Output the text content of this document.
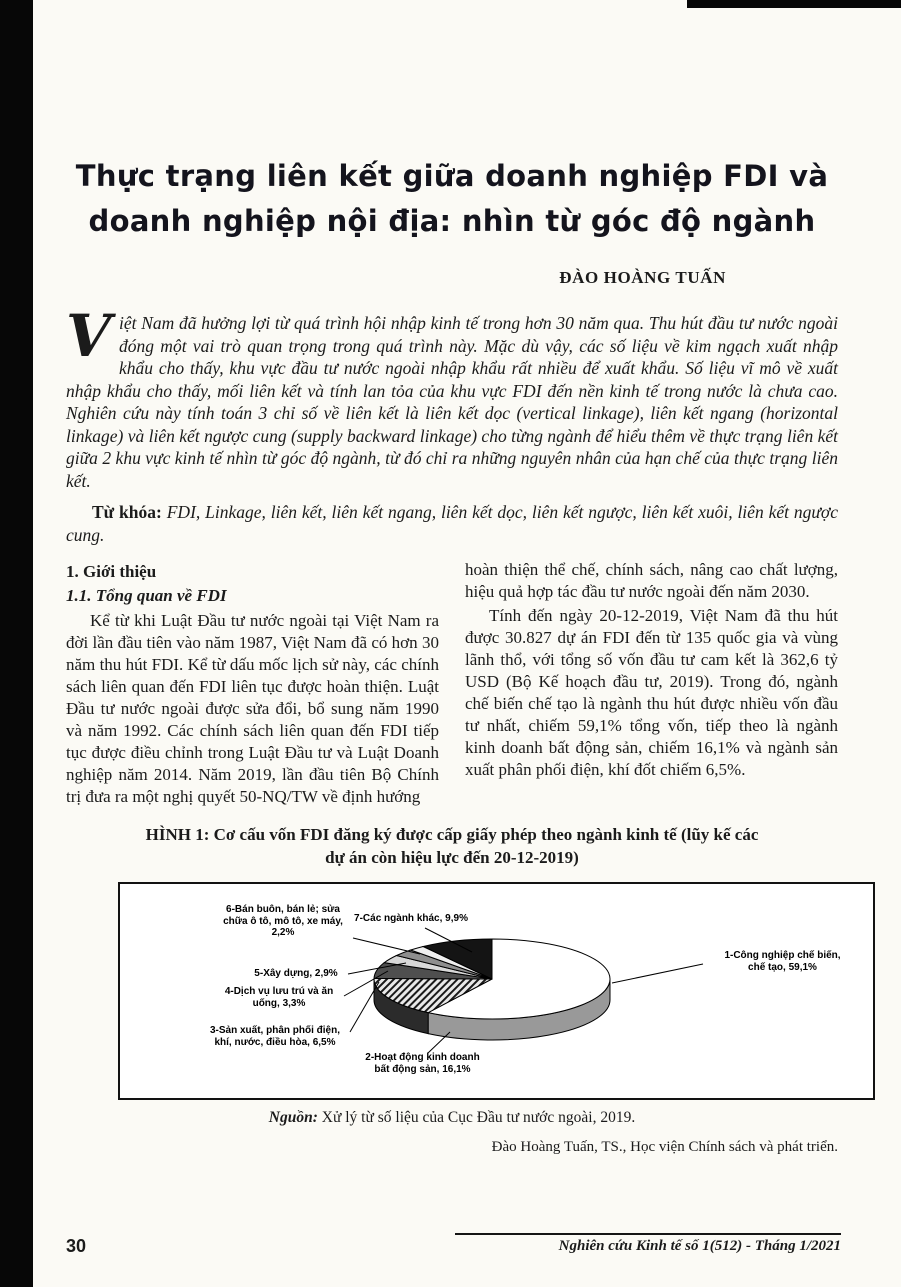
Thực trạng liên kết giữa doanh nghiệp FDI và
doanh nghiệp nội địa: nhìn từ góc độ ngành
ĐÀO HOÀNG TUẤN
Việt Nam đã hưởng lợi từ quá trình hội nhập kinh tế trong hơn 30 năm qua. Thu hút đầu tư nước ngoài đóng một vai trò quan trọng trong quá trình này. Mặc dù vậy, các số liệu về kim ngạch xuất nhập khẩu cho thấy, khu vực đầu tư nước ngoài nhập khẩu rất nhiều để xuất khẩu. Số liệu vĩ mô về xuất nhập khẩu cho thấy, mối liên kết và tính lan tỏa của khu vực FDI đến nền kinh tế trong nước là chưa cao. Nghiên cứu này tính toán 3 chỉ số về liên kết là liên kết dọc (vertical linkage), liên kết ngang (horizontal linkage) và liên kết ngược cung (supply backward linkage) cho từng ngành để hiểu thêm về thực trạng liên kết giữa 2 khu vực kinh tế nhìn từ góc độ ngành, từ đó chỉ ra những nguyên nhân của hạn chế của thực trạng liên kết.

Từ khóa: FDI, Linkage, liên kết, liên kết ngang, liên kết dọc, liên kết ngược, liên kết xuôi, liên kết ngược cung.

1. Giới thiệu
1.1. Tổng quan về FDI

Kể từ khi Luật Đầu tư nước ngoài tại Việt Nam ra đời lần đầu tiên vào năm 1987, Việt Nam đã có hơn 30 năm thu hút FDI. Kể từ dấu mốc lịch sử này, các chính sách liên quan đến FDI liên tục được hoàn thiện. Luật Đầu tư nước ngoài được sửa đổi, bổ sung năm 1990 và năm 1992. Các chính sách liên quan đến FDI tiếp tục được điều chỉnh trong Luật Đầu tư và Luật Doanh nghiệp năm 2014. Năm 2019, lần đầu tiên Bộ Chính trị đưa ra một nghị quyết 50-NQ/TW về định hướng

hoàn thiện thể chế, chính sách, nâng cao chất lượng, hiệu quả hợp tác đầu tư nước ngoài đến năm 2030.

Tính đến ngày 20-12-2019, Việt Nam đã thu hút được 30.827 dự án FDI đến từ 135 quốc gia và vùng lãnh thổ, với tổng số vốn đầu tư cam kết là 362,6 tỷ USD (Bộ Kế hoạch đầu tư, 2019). Trong đó, ngành chế biến chế tạo là ngành thu hút được nhiều vốn đầu tư nhất, chiếm 59,1% tổng vốn, tiếp theo là ngành kinh doanh bất động sản, chiếm 16,1% và ngành sản xuất phân phối điện, khí đốt chiếm 6,5%.

HÌNH 1: Cơ cấu vốn FDI đăng ký được cấp giấy phép theo ngành kinh tế (lũy kế các
dự án còn hiệu lực đến 20-12-2019)
1-Công nghiệp chế biến,
chế tạo, 59,1%
2-Hoạt động kinh doanh
bất động sản, 16,1%
3-Sản xuất, phân phối điện,
khí, nước, điều hòa, 6,5%
4-Dịch vụ lưu trú và ăn
uống, 3,3%
5-Xây dựng, 2,9%
6-Bán buôn, bán lẻ; sửa
chữa ô tô, mô tô, xe máy,
2,2%
7-Các ngành khác, 9,9%
Nguồn: Xử lý từ số liệu của Cục Đầu tư nước ngoài, 2019.
Đào Hoàng Tuấn, TS., Học viện Chính sách và phát triển.
30	Nghiên cứu Kinh tế số 1(512) - Tháng 1/2021
